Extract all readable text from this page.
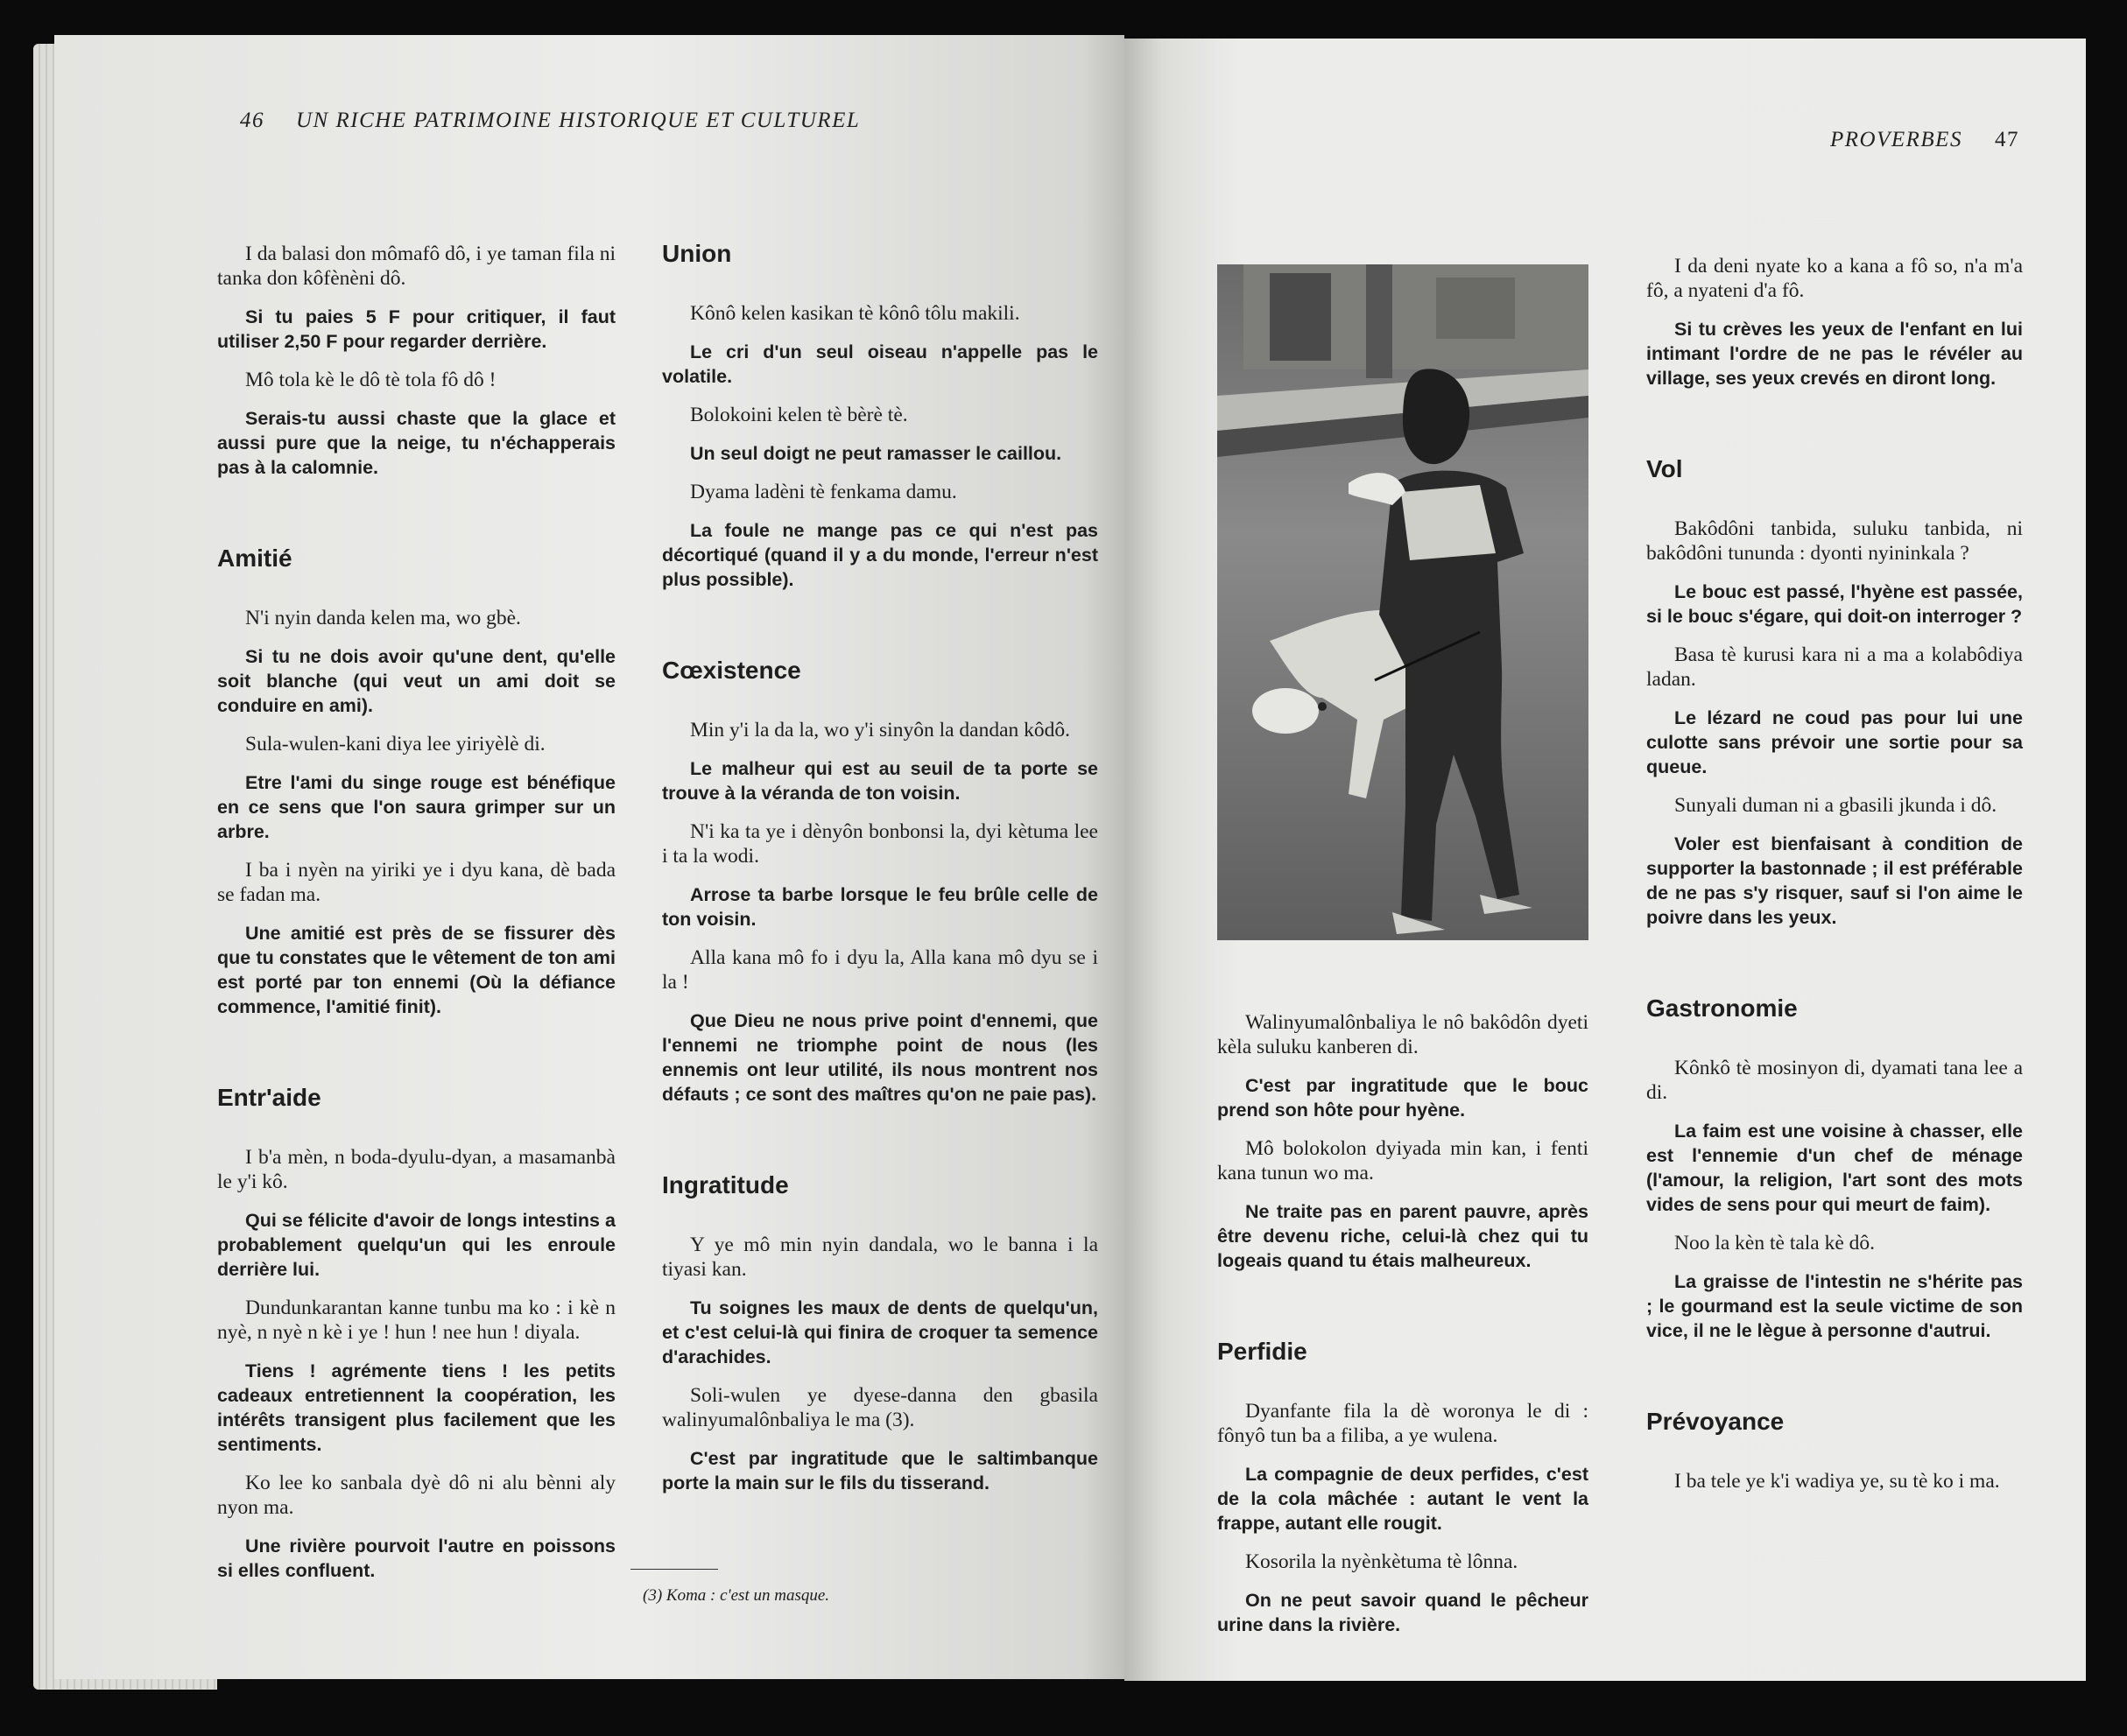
46 UN RICHE PATRIMOINE HISTORIQUE ET CULTUREL

I da balasi don mômafô dô, i ye taman fila ni tanka don kôfènèni dô.

Si tu paies 5 F pour critiquer, il faut utiliser 2,50 F pour regarder derrière.

Mô tola kè le dô tè tola fô dô !

Serais-tu aussi chaste que la glace et aussi pure que la neige, tu n'échapperais pas à la calomnie.

Amitié

N'i nyin danda kelen ma, wo gbè.

Si tu ne dois avoir qu'une dent, qu'elle soit blanche (qui veut un ami doit se conduire en ami).

Sula-wulen-kani diya lee yiriyèlè di.

Etre l'ami du singe rouge est bénéfique en ce sens que l'on saura grimper sur un arbre.

I ba i nyèn na yiriki ye i dyu kana, dè bada se fadan ma.

Une amitié est près de se fissurer dès que tu constates que le vêtement de ton ami est porté par ton ennemi (Où la défiance commence, l'amitié finit).

Entr'aide

I b'a mèn, n boda-dyulu-dyan, a masamanbà le y'i kô.

Qui se félicite d'avoir de longs intestins a probablement quelqu'un qui les enroule derrière lui.

Dundunkarantan kanne tunbu ma ko : i kè n nyè, n nyè n kè i ye ! hun ! nee hun ! diyala.

Tiens ! agrémente tiens ! les petits cadeaux entretiennent la coopération, les intérêts transigent plus facilement que les sentiments.

Ko lee ko sanbala dyè dô ni alu bènni aly nyon ma.

Une rivière pourvoit l'autre en poissons si elles confluent.

Union

Kônô kelen kasikan tè kônô tôlu makili.

Le cri d'un seul oiseau n'appelle pas le volatile.

Bolokoini kelen tè bèrè tè.

Un seul doigt ne peut ramasser le caillou.

Dyama ladèni tè fenkama damu.

La foule ne mange pas ce qui n'est pas décortiqué (quand il y a du monde, l'erreur n'est plus possible).

Cœxistence

Min y'i la da la, wo y'i sinyôn la dandan kôdô.

Le malheur qui est au seuil de ta porte se trouve à la véranda de ton voisin.

N'i ka ta ye i dènyôn bonbonsi la, dyi kètuma lee i ta la wodi.

Arrose ta barbe lorsque le feu brûle celle de ton voisin.

Alla kana mô fo i dyu la, Alla kana mô dyu se i la !

Que Dieu ne nous prive point d'ennemi, que l'ennemi ne triomphe point de nous (les ennemis ont leur utilité, ils nous montrent nos défauts ; ce sont des maîtres qu'on ne paie pas).

Ingratitude

Y ye mô min nyin dandala, wo le banna i la tiyasi kan.

Tu soignes les maux de dents de quelqu'un, et c'est celui-là qui finira de croquer ta semence d'arachides.

Soli-wulen ye dyese-danna den gbasila walinyumalônbaliya le ma (3).

C'est par ingratitude que le saltimbanque porte la main sur le fils du tisserand.

(3) Koma : c'est un masque.
PROVERBES 47

Walinyumalônbaliya le nô bakôdôn dyeti kèla suluku kanberen di.

C'est par ingratitude que le bouc prend son hôte pour hyène.

Mô bolokolon dyiyada min kan, i fenti kana tunun wo ma.

Ne traite pas en parent pauvre, après être devenu riche, celui-là chez qui tu logeais quand tu étais malheureux.

Perfidie

Dyanfante fila la dè woronya le di : fônyô tun ba a filiba, a ye wulena.

La compagnie de deux perfides, c'est de la cola mâchée : autant le vent la frappe, autant elle rougit.

Kosorila la nyènkètuma tè lônna.

On ne peut savoir quand le pêcheur urine dans la rivière.

I da deni nyate ko a kana a fô so, n'a m'a fô, a nyateni d'a fô.

Si tu crèves les yeux de l'enfant en lui intimant l'ordre de ne pas le révéler au village, ses yeux crevés en diront long.

Vol

Bakôdôni tanbida, suluku tanbida, ni bakôdôni tununda : dyonti nyininkala ?

Le bouc est passé, l'hyène est passée, si le bouc s'égare, qui doit-on interroger ?

Basa tè kurusi kara ni a ma a kolabôdiya ladan.

Le lézard ne coud pas pour lui une culotte sans prévoir une sortie pour sa queue.

Sunyali duman ni a gbasili jkunda i dô.

Voler est bienfaisant à condition de supporter la bastonnade ; il est préférable de ne pas s'y risquer, sauf si l'on aime le poivre dans les yeux.

Gastronomie

Kônkô tè mosinyon di, dyamati tana lee a di.

La faim est une voisine à chasser, elle est l'ennemie d'un chef de ménage (l'amour, la religion, l'art sont des mots vides de sens pour qui meurt de faim).

Noo la kèn tè tala kè dô.

La graisse de l'intestin ne s'hérite pas ; le gourmand est la seule victime de son vice, il ne le lègue à personne d'autrui.

Prévoyance

I ba tele ye k'i wadiya ye, su tè ko i ma.
